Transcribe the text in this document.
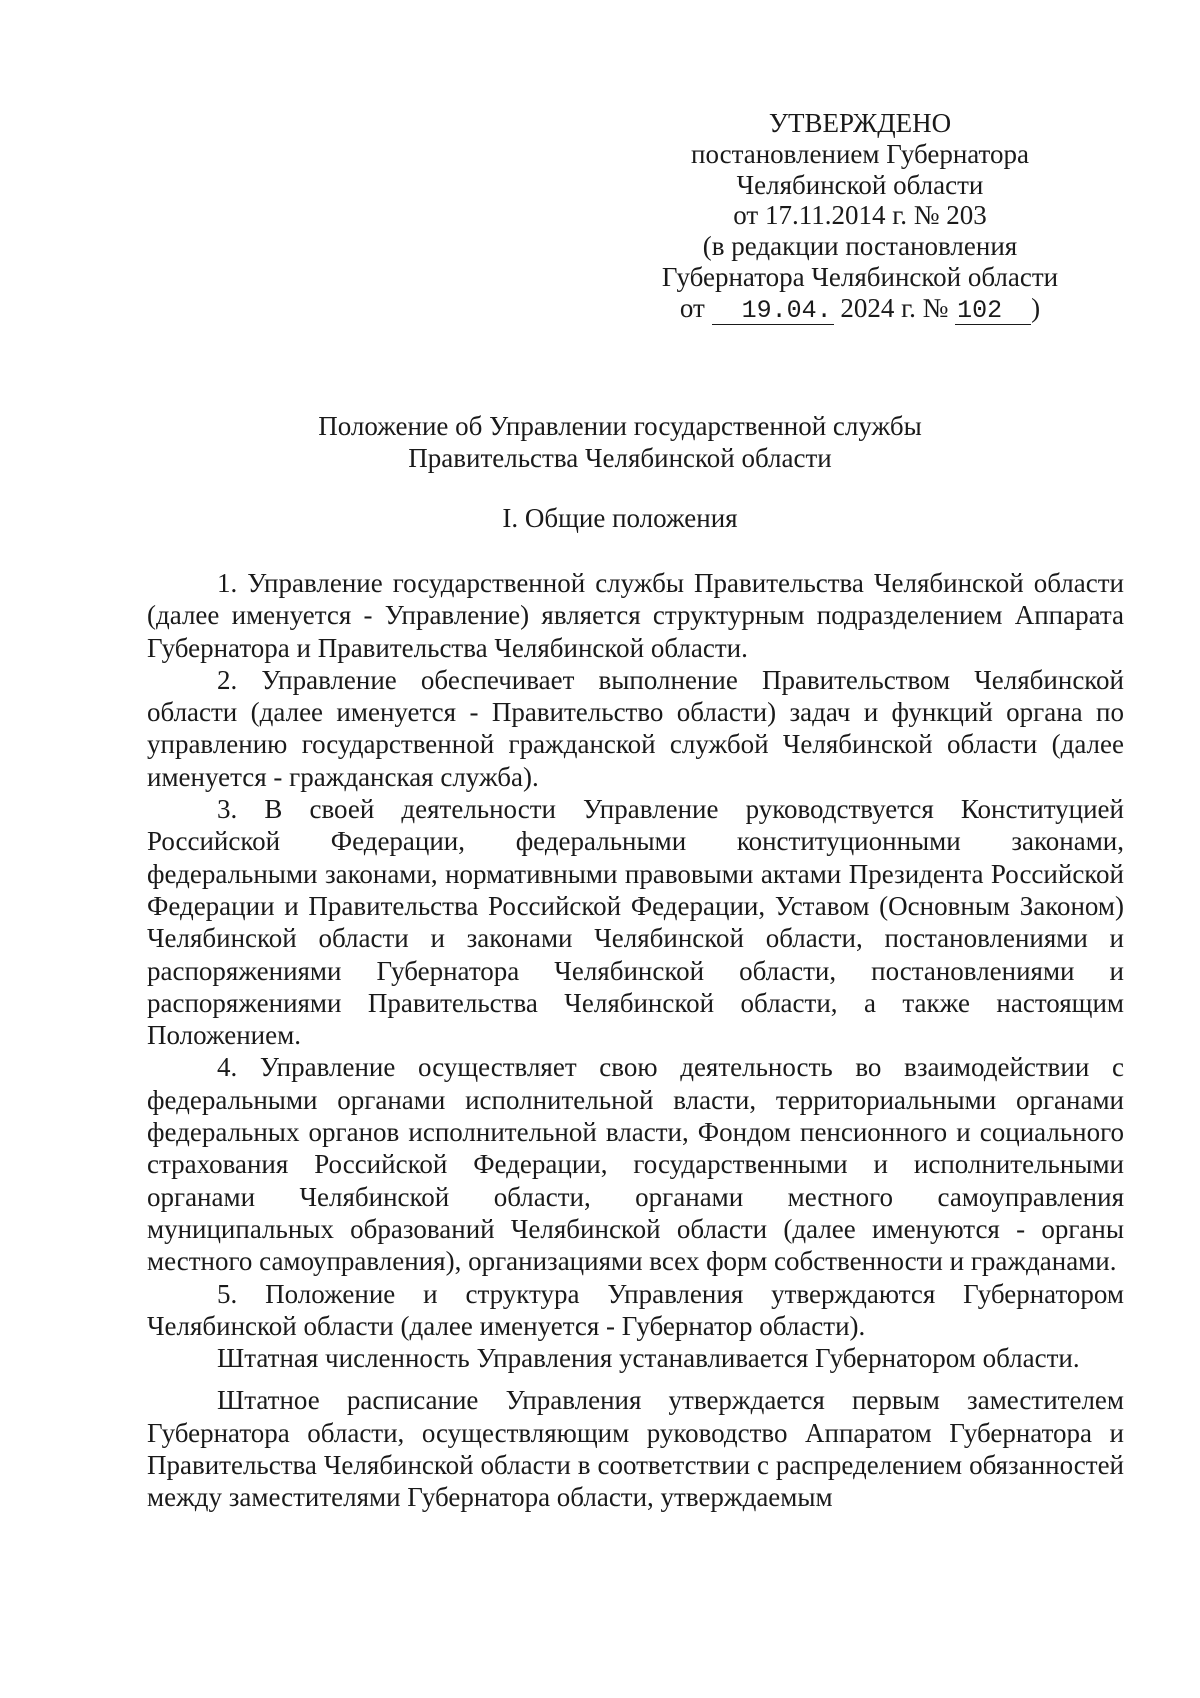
УТВЕРЖДЕНО
постановлением Губернатора
Челябинской области
от 17.11.2014 г. № 203
(в редакции постановления
Губернатора Челябинской области
от 19.04. 2024 г. № 102 )
Положение об Управлении государственной службы
Правительства Челябинской области
I. Общие положения

1. Управление государственной службы Правительства Челябинской области (далее именуется - Управление) является структурным подразделением Аппарата Губернатора и Правительства Челябинской области.

2. Управление обеспечивает выполнение Правительством Челябинской области (далее именуется - Правительство области) задач и функций органа по управлению государственной гражданской службой Челябинской области (далее именуется - гражданская служба).

3. В своей деятельности Управление руководствуется Конституцией Российской Федерации, федеральными конституционными законами, федеральными законами, нормативными правовыми актами Президента Российской Федерации и Правительства Российской Федерации, Уставом (Основным Законом) Челябинской области и законами Челябинской области, постановлениями и распоряжениями Губернатора Челябинской области, постановлениями и распоряжениями Правительства Челябинской области, а также настоящим Положением.

4. Управление осуществляет свою деятельность во взаимодействии с федеральными органами исполнительной власти, территориальными органами федеральных органов исполнительной власти, Фондом пенсионного и социального страхования Российской Федерации, государственными и исполнительными органами Челябинской области, органами местного самоуправления муниципальных образований Челябинской области (далее именуются - органы местного самоуправления), организациями всех форм собственности и гражданами.

5. Положение и структура Управления утверждаются Губернатором Челябинской области (далее именуется - Губернатор области).

Штатная численность Управления устанавливается Губернатором области.

Штатное расписание Управления утверждается первым заместителем Губернатора области, осуществляющим руководство Аппаратом Губернатора и Правительства Челябинской области в соответствии с распределением обязанностей между заместителями Губернатора области, утверждаемым
